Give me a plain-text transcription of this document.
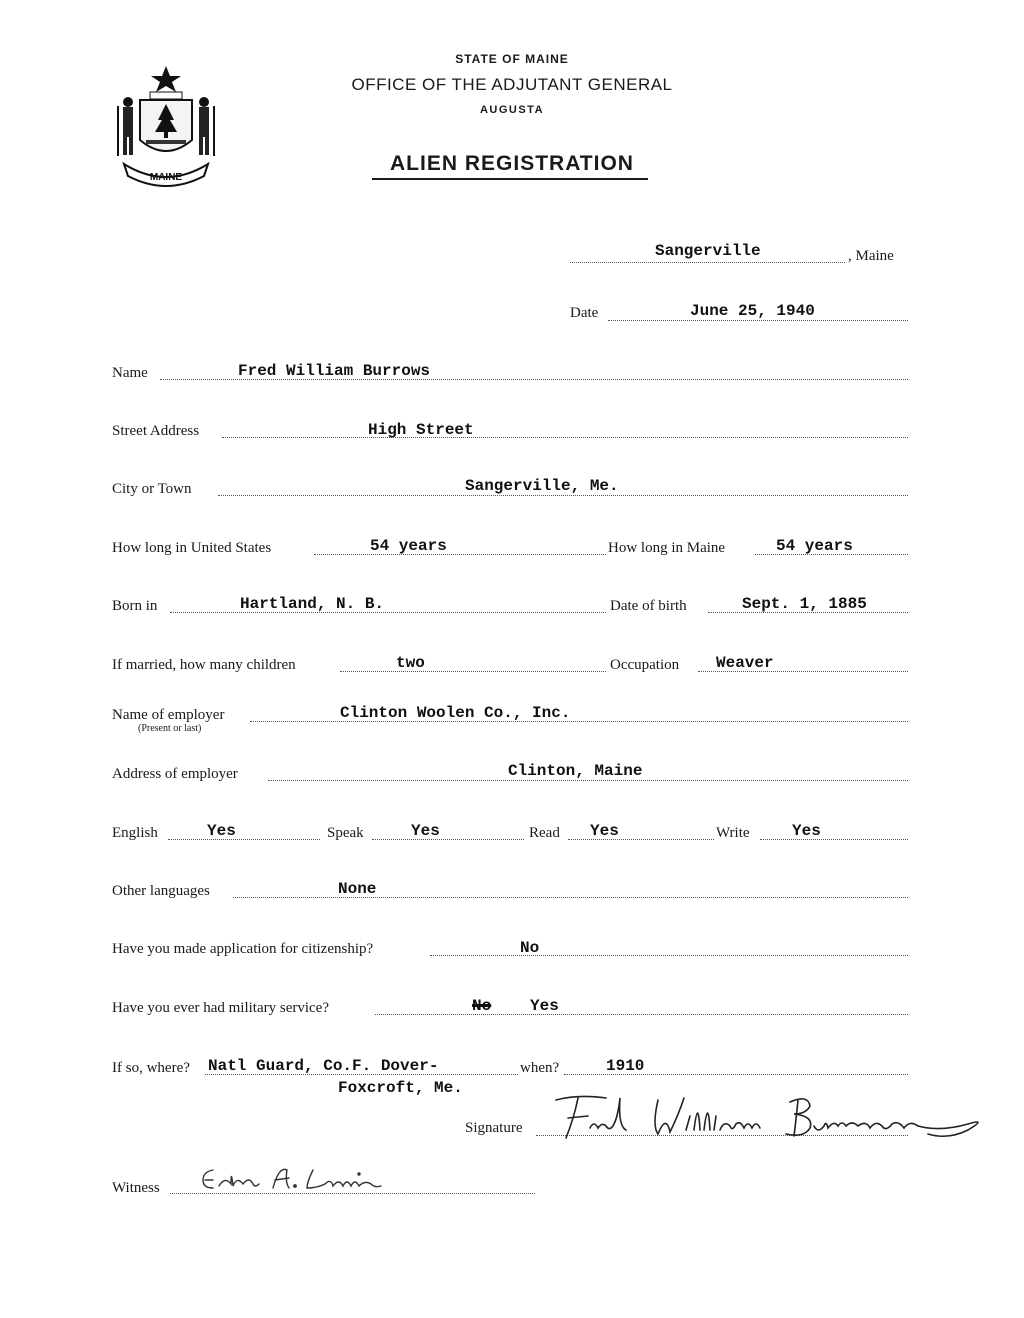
MAINE
STATE OF MAINE
OFFICE OF THE ADJUTANT GENERAL
AUGUSTA
ALIEN REGISTRATION
Sangerville	, Maine
Date	June 25, 1940
Name	Fred William Burrows
Street Address	High Street
City or Town	Sangerville, Me.
How long in United States	54 years	How long in Maine	54 years
Born in	Hartland, N. B.	Date of birth	Sept. 1, 1885
If married, how many children	two	Occupation Weaver
Name of employer
(Present or last)
Clinton Woolen Co., Inc.
Address of employer	Clinton, Maine
English	Yes	Speak	Yes	Read Yes	Write	Yes
Other languages	None
Have you made application for citizenship?	No
Have you ever had military service?	No Yes
If so, where? Natl Guard, Co.F. Dover-
Foxcroft, Me.
when?	1910
Signature
Witness
